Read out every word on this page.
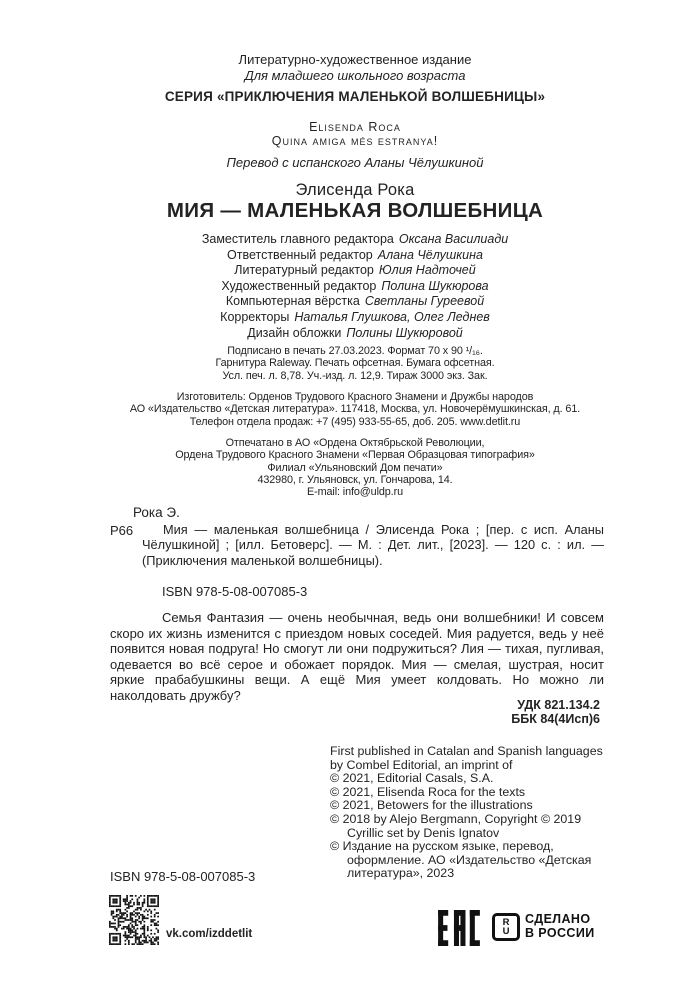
Литературно-художественное издание
Для младшего школьного возраста
СЕРИЯ «ПРИКЛЮЧЕНИЯ МАЛЕНЬКОЙ ВОЛШЕБНИЦЫ»
Elisenda Roca
Quina amiga més estranya!
Перевод с испанского Аланы Чёлушкиной
Элисенда Рока
МИЯ — МАЛЕНЬКАЯ ВОЛШЕБНИЦА
Заместитель главного редактора Оксана Василиади
Ответственный редактор Алана Чёлушкина
Литературный редактор Юлия Надточей
Художественный редактор Полина Шукюрова
Компьютерная вёрстка Светланы Гуреевой
Корректоры Наталья Глушкова, Олег Леднев
Дизайн обложки Полины Шукюровой
Подписано в печать 27.03.2023. Формат 70 х 90 ¹/₁₆.
Гарнитура Raleway. Печать офсетная. Бумага офсетная.
Усл. печ. л. 8,78. Уч.-изд. л. 12,9. Тираж 3000 экз. Зак.
Изготовитель: Орденов Трудового Красного Знамени и Дружбы народов
АО «Издательство «Детская литература». 117418, Москва, ул. Новочерёмушкинская, д. 61.
Телефон отдела продаж: +7 (495) 933-55-65, доб. 205. www.detlit.ru
Отпечатано в АО «Ордена Октябрьской Революции,
Ордена Трудового Красного Знамени «Первая Образцовая типография»
Филиал «Ульяновский Дом печати»
432980, г. Ульяновск, ул. Гончарова, 14.
E-mail: info@uldp.ru
Рока Э.
Р66	Мия — маленькая волшебница / Элисенда Рока ; [пер. с исп. Аланы Чёлушкиной] ; [илл. Бетоверс]. — М. : Дет. лит., [2023]. — 120 с. : ил. — (Приключения маленькой волшебницы).
ISBN 978-5-08-007085-3
Семья Фантазия — очень необычная, ведь они волшебники! И совсем скоро их жизнь изменится с приездом новых соседей. Мия радуется, ведь у неё появится новая подруга! Но смогут ли они подружиться? Лия — тихая, пугливая, одевается во всё серое и обожает порядок. Мия — смелая, шустрая, носит яркие прабабушкины вещи. А ещё Мия умеет колдовать. Но можно ли наколдовать дружбу?
УДК 821.134.2
ББК 84(4Исп)6
First published in Catalan and Spanish languages by Combel Editorial, an imprint of
© 2021, Editorial Casals, S.A.
© 2021, Elisenda Roca for the texts
© 2021, Betowers for the illustrations
© 2018 by Alejo Bergmann, Copyright © 2019 Cyrillic set by Denis Ignatov
© Издание на русском языке, перевод, оформление. АО «Издательство «Детская литература», 2023
ISBN 978-5-08-007085-3
vk.com/izddetlit
R
U
СДЕЛАНО
В РОССИИ
